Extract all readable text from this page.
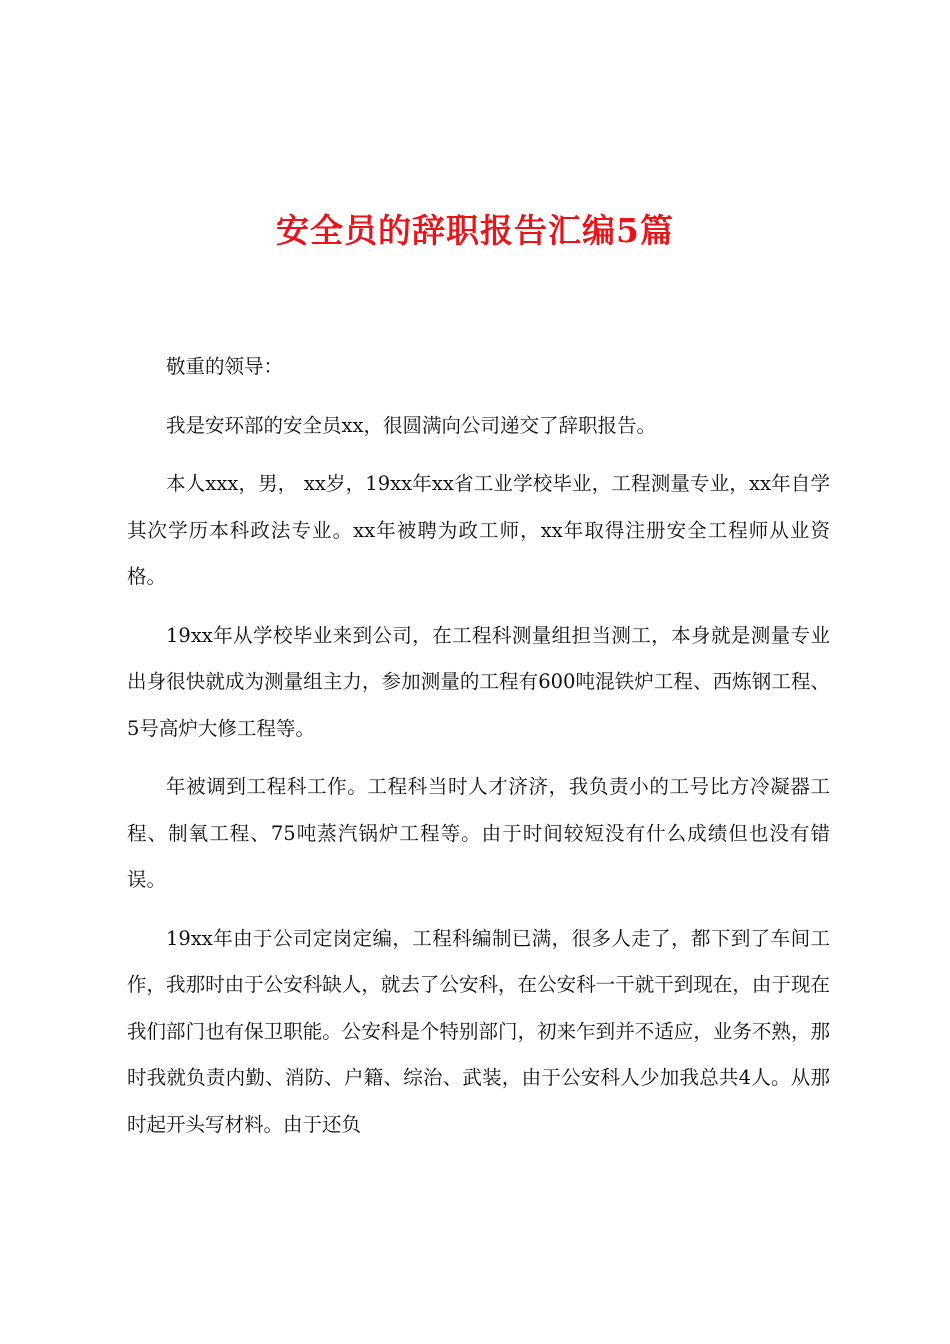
安全员的辞职报告汇编5篇

敬重的领导：

我是安环部的安全员xx，很圆满向公司递交了辞职报告。

本人xxx，男， xx岁，19xx年xx省工业学校毕业，工程测量专业，xx年自学其次学历本科政法专业。xx年被聘为政工师，xx年取得注册安全工程师从业资格。

19xx年从学校毕业来到公司，在工程科测量组担当测工，本身就是测量专业出身很快就成为测量组主力，参加测量的工程有600吨混铁炉工程、西炼钢工程、5号高炉大修工程等。

年被调到工程科工作。工程科当时人才济济，我负责小的工号比方冷凝器工程、制氧工程、75吨蒸汽锅炉工程等。由于时间较短没有什么成绩但也没有错误。

19xx年由于公司定岗定编，工程科编制已满，很多人走了，都下到了车间工作，我那时由于公安科缺人，就去了公安科，在公安科一干就干到现在，由于现在我们部门也有保卫职能。公安科是个特别部门，初来乍到并不适应，业务不熟，那时我就负责内勤、消防、户籍、综治、武装，由于公安科人少加我总共4人。从那时起开头写材料。由于还负
